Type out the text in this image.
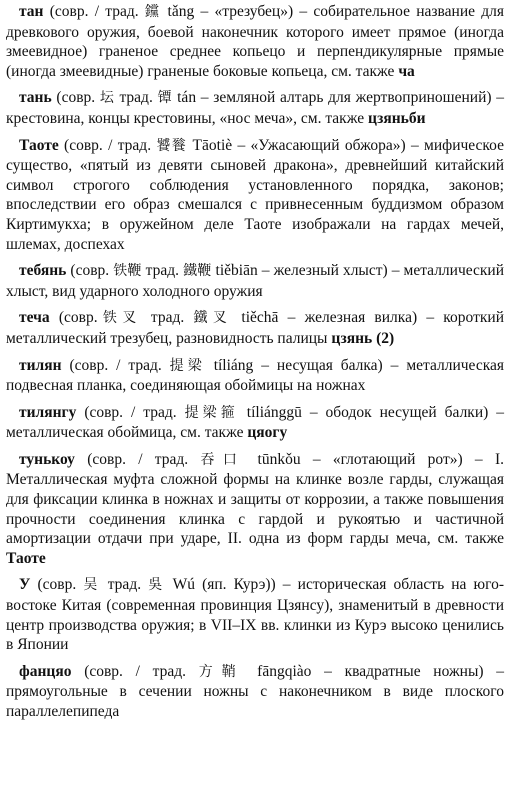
тан (совр. / трад. 钂 tǎng – «трезубец») – собирательное название для древкового оружия, боевой наконечник которого имеет прямое (иногда змеевидное) граненое среднее копьецо и перпендикулярные прямые (иногда змеевидные) граненые боковые копьеца, см. также ча

тань (совр. 坛 трад. 镡 tán – земляной алтарь для жертвоприношений) – крестовина, концы крестовины, «нос меча», см. также цзяньби

Таоте (совр. / трад. 饕餮 Tāotiè – «Ужасающий обжора») – мифическое существо, «пятый из девяти сыновей дракона», древнейший китайский символ строгого соблюдения установленного порядка, законов; впоследствии его образ смешался с привнесенным буддизмом образом Киртимукха; в оружейном деле Таоте изображали на гардах мечей, шлемах, доспехах

тебянь (совр. 铁鞭 трад. 鐵鞭 tiěbiān – железный хлыст) – металлический хлыст, вид ударного холодного оружия

теча (совр.铁叉 трад. 鐵叉 tiěchā – железная вилка) – короткий металлический трезубец, разновидность палицы цзянь (2)

тилян (совр. / трад. 提梁 tíliáng – несущая балка) – металлическая подвесная планка, соединяющая обоймицы на ножнах

тилянгу (совр. / трад. 提梁箍 tíliánggū – ободок несущей балки) – металлическая обоймица, см. также цяогу

тунькоу (совр. / трад. 吞口 tūnkǒu – «глотающий рот») – I. Металлическая муфта сложной формы на клинке возле гарды, служащая для фиксации клинка в ножнах и защиты от коррозии, а также повышения прочности соединения клинка с гардой и рукоятью и частичной амортизации отдачи при ударе, II. одна из форм гарды меча, см. также Таоте

У (совр. 吴 трад. 吳 Wú (яп. Курэ)) – историческая область на юго-востоке Китая (современная провинция Цзянсу), знаменитый в древности центр производства оружия; в VII–IX вв. клинки из Курэ высоко ценились в Японии

фанцяо (совр. / трад. 方鞘 fāngqiào – квадратные ножны) – прямоугольные в сечении ножны с наконечником в виде плоского параллелепипеда
